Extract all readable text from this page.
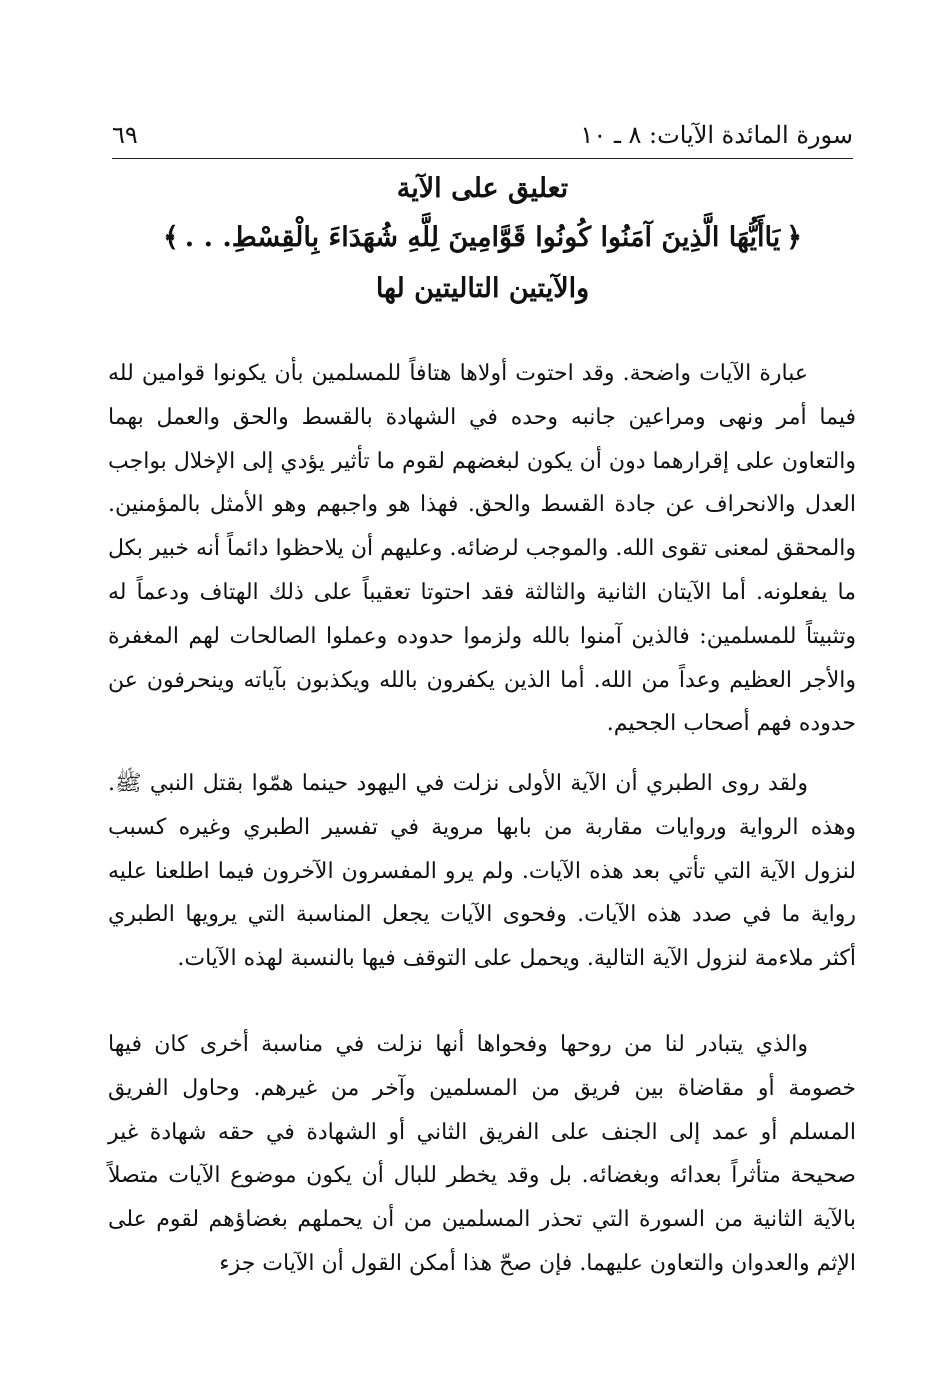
سورة المائدة الآيات: ٨ ـ ١٠
٦٩
تعليق على الآية
﴿يَاأَيُّهَا الَّذِينَ آمَنُوا كُونُوا قَوَّامِينَ لِلَّهِ شُهَدَاءَ بِالْقِسْطِ. . .﴾
والآيتين التاليتين لها

عبارة الآيات واضحة. وقد احتوت أولاها هتافاً للمسلمين بأن يكونوا قوامين لله فيما أمر ونهى ومراعين جانبه وحده في الشهادة بالقسط والحق والعمل بهما والتعاون على إقرارهما دون أن يكون لبغضهم لقوم ما تأثير يؤدي إلى الإخلال بواجب العدل والانحراف عن جادة القسط والحق. فهذا هو واجبهم وهو الأمثل بالمؤمنين. والمحقق لمعنى تقوى الله. والموجب لرضائه. وعليهم أن يلاحظوا دائماً أنه خبير بكل ما يفعلونه. أما الآيتان الثانية والثالثة فقد احتوتا تعقيباً على ذلك الهتاف ودعماً له وتثبيتاً للمسلمين: فالذين آمنوا بالله ولزموا حدوده وعملوا الصالحات لهم المغفرة والأجر العظيم وعداً من الله. أما الذين يكفرون بالله ويكذبون بآياته وينحرفون عن حدوده فهم أصحاب الجحيم.

ولقد روى الطبري أن الآية الأولى نزلت في اليهود حينما همّوا بقتل النبي ﷺ. وهذه الرواية وروايات مقاربة من بابها مروية في تفسير الطبري وغيره كسبب لنزول الآية التي تأتي بعد هذه الآيات. ولم يرو المفسرون الآخرون فيما اطلعنا عليه رواية ما في صدد هذه الآيات. وفحوى الآيات يجعل المناسبة التي يرويها الطبري أكثر ملاءمة لنزول الآية التالية. ويحمل على التوقف فيها بالنسبة لهذه الآيات.

والذي يتبادر لنا من روحها وفحواها أنها نزلت في مناسبة أخرى كان فيها خصومة أو مقاضاة بين فريق من المسلمين وآخر من غيرهم. وحاول الفريق المسلم أو عمد إلى الجنف على الفريق الثاني أو الشهادة في حقه شهادة غير صحيحة متأثراً بعدائه وبغضائه. بل وقد يخطر للبال أن يكون موضوع الآيات متصلاً بالآية الثانية من السورة التي تحذر المسلمين من أن يحملهم بغضاؤهم لقوم على الإثم والعدوان والتعاون عليهما. فإن صحّ هذا أمكن القول أن الآيات جزء
